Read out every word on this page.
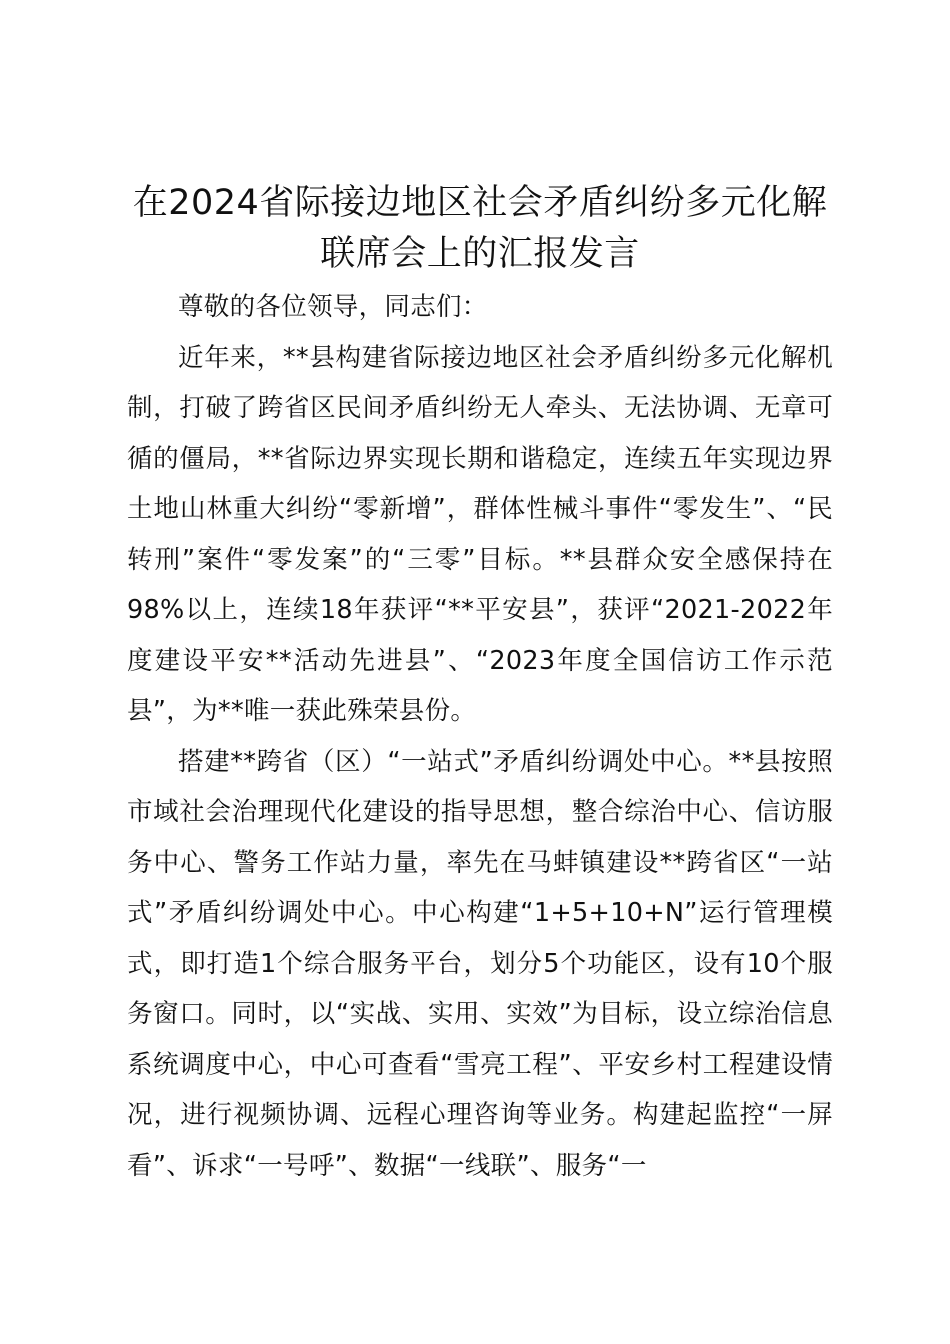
在2024省际接边地区社会矛盾纠纷多元化解联席会上的汇报发言

尊敬的各位领导，同志们：

近年来，**县构建省际接边地区社会矛盾纠纷多元化解机制，打破了跨省区民间矛盾纠纷无人牵头、无法协调、无章可循的僵局，**省际边界实现长期和谐稳定，连续五年实现边界土地山林重大纠纷“零新增”，群体性械斗事件“零发生”、“民转刑”案件“零发案”的“三零”目标。**县群众安全感保持在98%以上，连续18年获评“**平安县”，获评“2021-2022年度建设平安**活动先进县”、“2023年度全国信访工作示范县”，为**唯一获此殊荣县份。

搭建**跨省（区）“一站式”矛盾纠纷调处中心。**县按照市域社会治理现代化建设的指导思想，整合综治中心、信访服务中心、警务工作站力量，率先在马蚌镇建设**跨省区“一站式”矛盾纠纷调处中心。中心构建“1+5+10+N”运行管理模式，即打造1个综合服务平台，划分5个功能区，设有10个服务窗口。同时，以“实战、实用、实效”为目标，设立综治信息系统调度中心，中心可查看“雪亮工程”、平安乡村工程建设情况，进行视频协调、远程心理咨询等业务。构建起监控“一屏看”、诉求“一号呼”、数据“一线联”、服务“一
